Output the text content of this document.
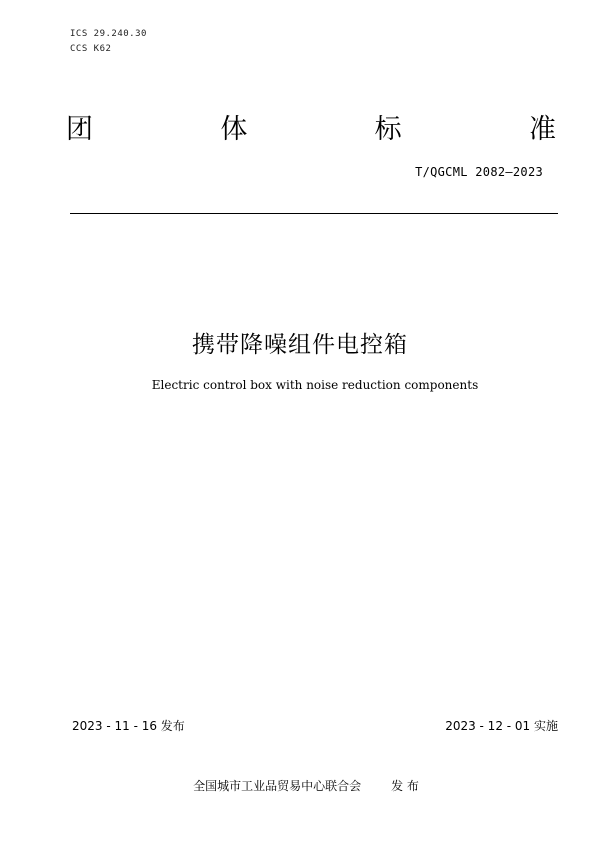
ICS 29.240.30
CCS K62
团	体	标	准
T/QGCML 2082—2023
携带降噪组件电控箱
Electric control box with noise reduction components
2023 - 11 - 16 发布	2023 - 12 - 01 实施
全国城市工业品贸易中心联合会	发 布
